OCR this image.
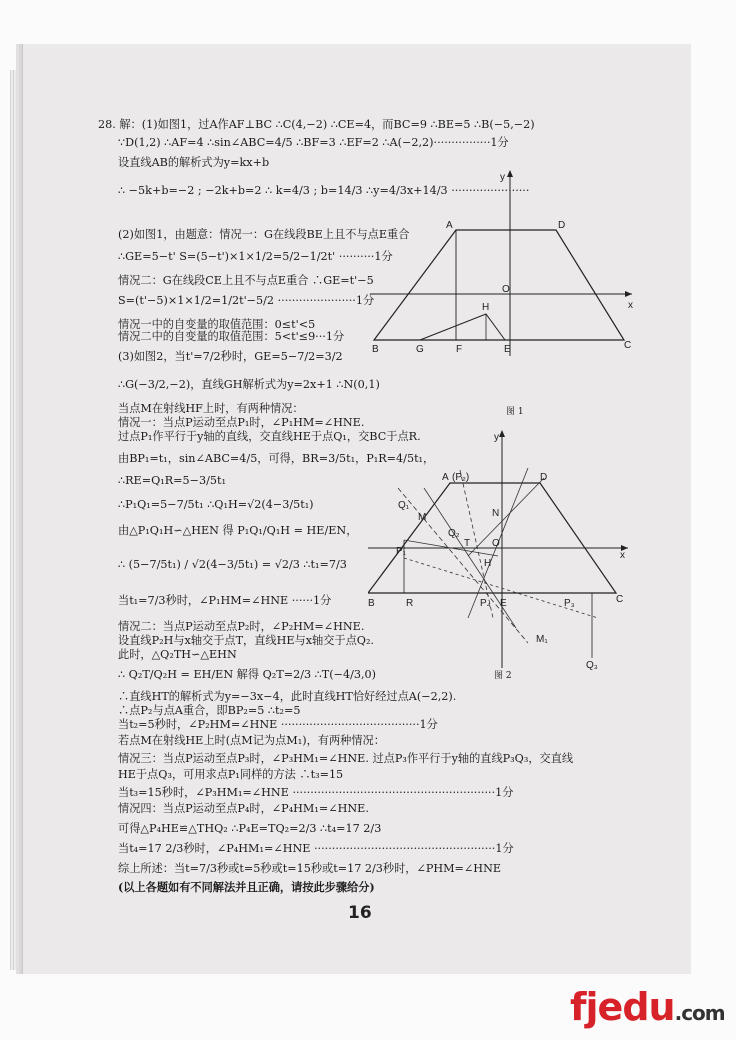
28. 解：(1)如图1，过A作AF⊥BC ∴C(4,−2) ∴CE=4，而BC=9 ∴BE=5 ∴B(−5,−2)
∵D(1,2) ∴AF=4 ∴sin∠ABC=4/5 ∴BF=3 ∴EF=2 ∴A(−2,2)················1分
设直线AB的解析式为y=kx+b
∴ −5k+b=−2 ; −2k+b=2 ∴ k=4/3 ; b=14/3 ∴y=4/3x+14/3 ······················
(2)如图1，由题意：情况一：G在线段BE上且不与点E重合
∴GE=5−t' S=(5−t')×1×1/2=5/2−1/2t' ··········1分
情况二：G在线段CE上且不与点E重合 ∴GE=t'−5
S=(t'−5)×1×1/2=1/2t'−5/2 ······················1分
情况一中的自变量的取值范围：0≤t'<5
情况二中的自变量的取值范围：5<t'≤9···1分
(3)如图2，当t'=7/2秒时，GE=5−7/2=3/2
∴G(−3/2,−2)，直线GH解析式为y=2x+1 ∴N(0,1)
当点M在射线HF上时，有两种情况：
情况一：当点P运动至点P₁时，∠P₁HM=∠HNE.
过点P₁作平行于y轴的直线，交直线HE于点Q₁，交BC于点R.
由BP₁=t₁，sin∠ABC=4/5，可得，BR=3/5t₁，P₁R=4/5t₁，
∴RE=Q₁R=5−3/5t₁
∴P₁Q₁=5−7/5t₁ ∴Q₁H=√2(4−3/5t₁)
由△P₁Q₁H∽△HEN 得 P₁Q₁/Q₁H = HE/EN，
∴ (5−7/5t₁) / √2(4−3/5t₁) = √2/3 ∴t₁=7/3
当t₁=7/3秒时，∠P₁HM=∠HNE ······1分
情况二：当点P运动至点P₂时，∠P₂HM=∠HNE.
设直线P₂H与x轴交于点T，直线HE与x轴交于点Q₂.
此时，△Q₂TH∽△EHN
∴ Q₂T/Q₂H = EH/EN 解得 Q₂T=2/3 ∴T(−4/3,0)
∴直线HT的解析式为y=−3x−4，此时直线HT恰好经过点A(−2,2).
∴点P₂与点A重合，即BP₂=5 ∴t₂=5
当t₂=5秒时，∠P₂HM=∠HNE ·······································1分
若点M在射线HE上时(点M记为点M₁)，有两种情况：
情况三：当点P运动至点P₃时，∠P₃HM₁=∠HNE. 过点P₃作平行于y轴的直线P₃Q₃，交直线
HE于点Q₃，可用求点P₁同样的方法 ∴t₃=15
当t₃=15秒时，∠P₃HM₁=∠HNE ·························································1分
情况四：当点P运动至点P₄时，∠P₄HM₁=∠HNE.
可得△P₄HE≌△THQ₂ ∴P₄E=TQ₂=2/3 ∴t₄=17 2/3
当t₄=17 2/3秒时，∠P₄HM₁=∠HNE ···················································1分
综上所述：当t=7/3秒或t=5秒或t=15秒或t=17 2/3秒时，∠PHM=∠HNE
(以上各题如有不同解法并且正确，请按此步骤给分)
A	D
y
x
O
H
B	G	F	E	C
图 1
y
A (P₂)
Q₁
D
M	N
Q₂
P₁
O
T
x
H
B	R	P₄ E	P₃	C
M₁
Q₃
图 2
16
fjedu.com
